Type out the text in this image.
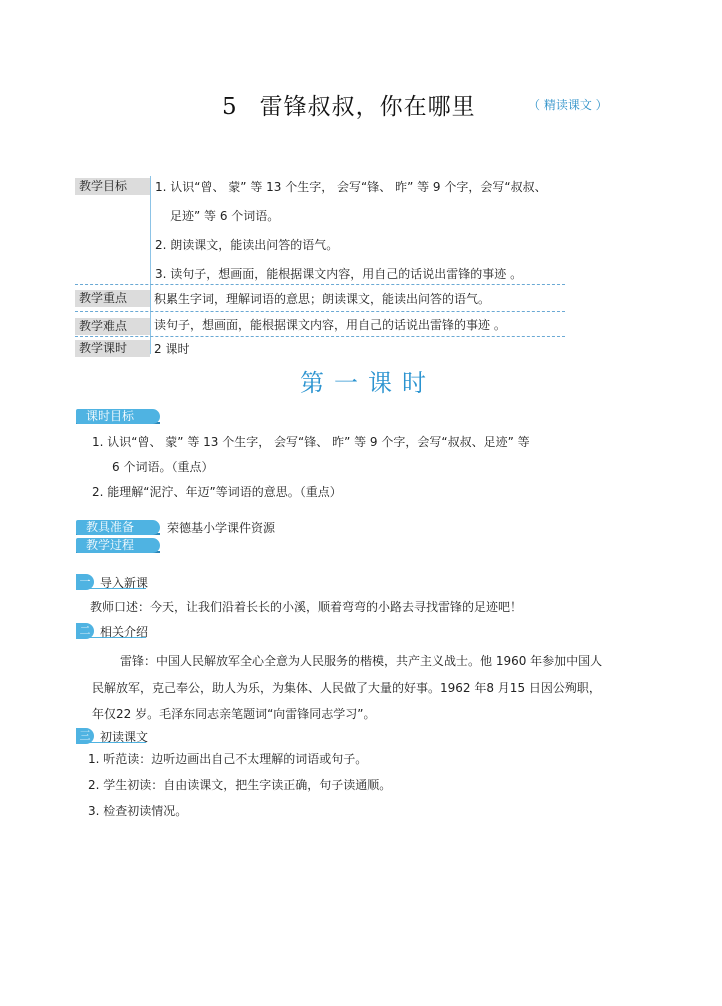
5 雷锋叔叔，你在哪里	（ 精读课文 ）
教学目标	1. 认识“曾、 蒙” 等 13 个生字， 会写“锋、 昨” 等 9 个字，会写“叔叔、
足迹” 等 6 个词语。
2. 朗读课文，能读出问答的语气。
3. 读句子，想画面，能根据课文内容，用自己的话说出雷锋的事迹 。
教学重点	积累生字词，理解词语的意思；朗读课文，能读出问答的语气。
教学难点	读句子，想画面，能根据课文内容，用自己的话说出雷锋的事迹 。
教学课时	2 课时
第一课时
课时目标
1. 认识“曾、 蒙” 等 13 个生字， 会写“锋、 昨” 等 9 个字，会写“叔叔、足迹” 等
6 个词语。（重点）
2. 能理解“泥泞、年迈”等词语的意思。（重点）
教具准备	荣德基小学课件资源
教学过程
一 导入新课
教师口述：今天，让我们沿着长长的小溪，顺着弯弯的小路去寻找雷锋的足迹吧！
二 相关介绍
雷锋：中国人民解放军全心全意为人民服务的楷模，共产主义战士。他 1960 年参加中国人
民解放军，克己奉公，助人为乐，为集体、人民做了大量的好事。1962 年8 月15 日因公殉职，
年仅22 岁。毛泽东同志亲笔题词“向雷锋同志学习”。
三 初读课文
1. 听范读：边听边画出自己不太理解的词语或句子。
2. 学生初读：自由读课文，把生字读正确，句子读通顺。
3. 检查初读情况。
